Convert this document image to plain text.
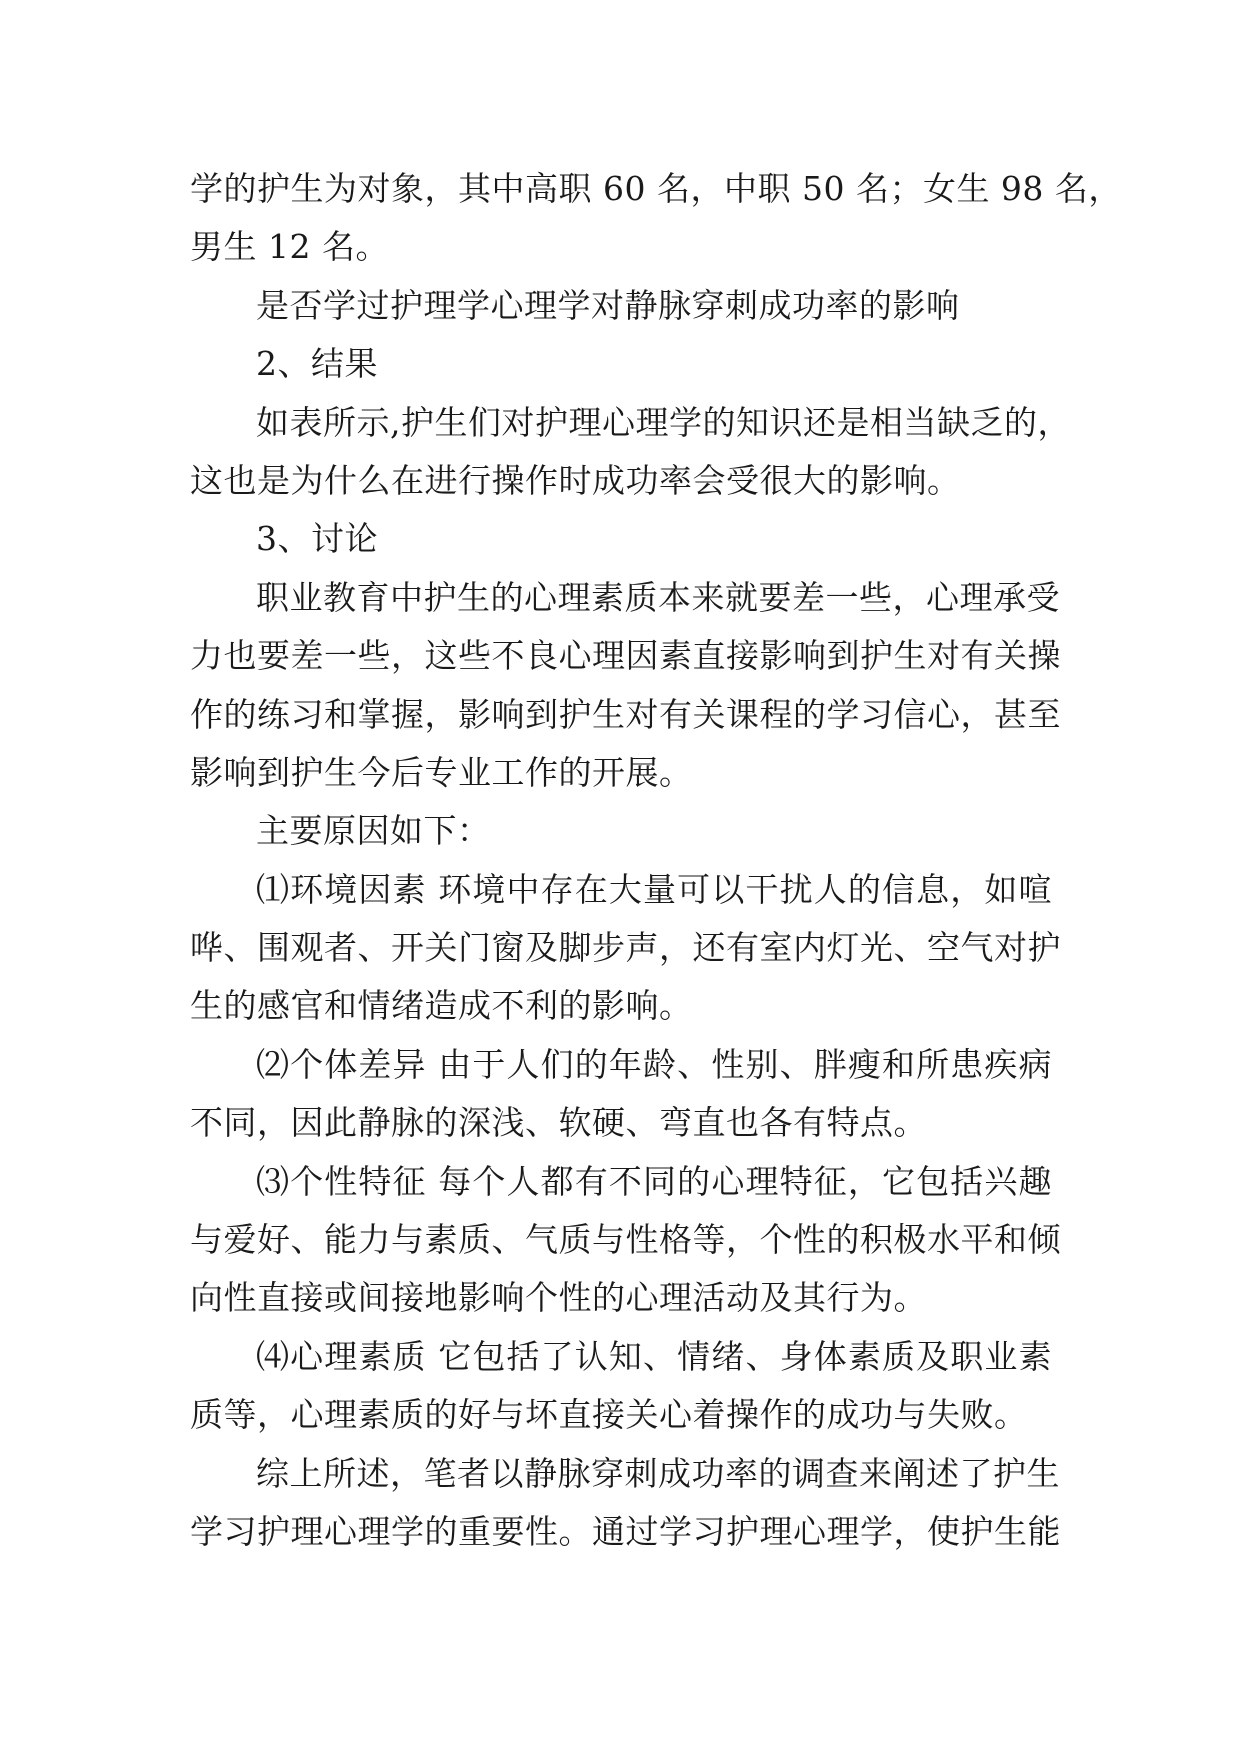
学的护生为对象，其中高职 60 名，中职 50 名；女生 98 名，
男生 12 名。
是否学过护理学心理学对静脉穿刺成功率的影响
2、结果
如表所示,护生们对护理心理学的知识还是相当缺乏的，
这也是为什么在进行操作时成功率会受很大的影响。
3、讨论
职业教育中护生的心理素质本来就要差一些，心理承受
力也要差一些，这些不良心理因素直接影响到护生对有关操
作的练习和掌握，影响到护生对有关课程的学习信心，甚至
影响到护生今后专业工作的开展。
主要原因如下：
⑴环境因素 环境中存在大量可以干扰人的信息，如喧
哗、围观者、开关门窗及脚步声，还有室内灯光、空气对护
生的感官和情绪造成不利的影响。
⑵个体差异 由于人们的年龄、性别、胖瘦和所患疾病
不同，因此静脉的深浅、软硬、弯直也各有特点。
⑶个性特征 每个人都有不同的心理特征，它包括兴趣
与爱好、能力与素质、气质与性格等，个性的积极水平和倾
向性直接或间接地影响个性的心理活动及其行为。
⑷心理素质 它包括了认知、情绪、身体素质及职业素
质等，心理素质的好与坏直接关心着操作的成功与失败。
综上所述，笔者以静脉穿刺成功率的调查来阐述了护生
学习护理心理学的重要性。通过学习护理心理学，使护生能
